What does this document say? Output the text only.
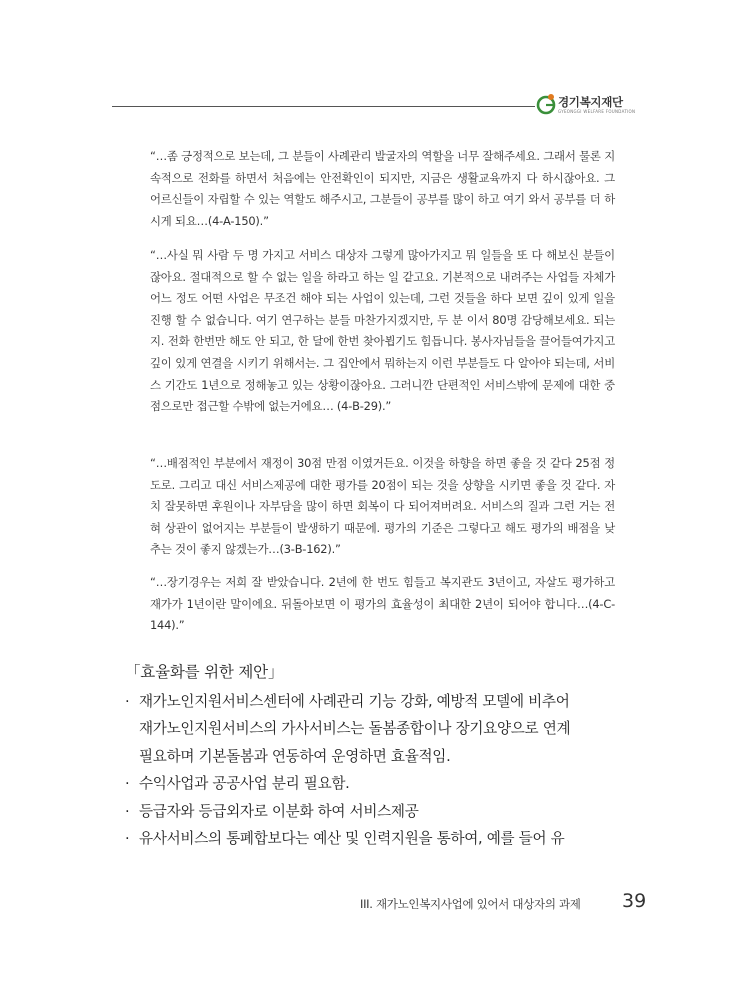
경기복지재단
GYEONGGI WELFARE FOUNDATION

“…좀 긍정적으로 보는데, 그 분들이 사례관리 발굴자의 역할을 너무 잘해주세요. 그래서 물론 지속적으로 전화를 하면서 처음에는 안전확인이 되지만, 지금은 생활교육까지 다 하시잖아요. 그 어르신들이 자립할 수 있는 역할도 해주시고, 그분들이 공부를 많이 하고 여기 와서 공부를 더 하시게 되요…(4-A-150).”

“…사실 뭐 사람 두 명 가지고 서비스 대상자 그렇게 많아가지고 뭐 일들을 또 다 해보신 분들이잖아요. 절대적으로 할 수 없는 일을 하라고 하는 일 같고요. 기본적으로 내려주는 사업들 자체가 어느 정도 어떤 사업은 무조건 해야 되는 사업이 있는데, 그런 것들을 하다 보면 깊이 있게 일을 진행 할 수 없습니다. 여기 연구하는 분들 마찬가지겠지만, 두 분 이서 80명 감당해보세요. 되는지. 전화 한번만 해도 안 되고, 한 달에 한번 찾아뵙기도 힘듭니다. 봉사자님들을 끌어들여가지고 깊이 있게 연결을 시키기 위해서는. 그 집안에서 뭐하는지 이런 부분들도 다 알아야 되는데, 서비스 기간도 1년으로 정해놓고 있는 상황이잖아요. 그러니깐 단편적인 서비스밖에 문제에 대한 중점으로만 접근할 수밖에 없는거에요… (4-B-29).”

“…배점적인 부분에서 재정이 30점 만점 이였거든요. 이것을 하향을 하면 좋을 것 같다 25점 정도로. 그리고 대신 서비스제공에 대한 평가를 20점이 되는 것을 상향을 시키면 좋을 것 같다. 자치 잘못하면 후원이나 자부담을 많이 하면 회복이 다 되어져버려요. 서비스의 질과 그런 거는 전혀 상관이 없어지는 부분들이 발생하기 때문에. 평가의 기준은 그렇다고 해도 평가의 배점을 낮추는 것이 좋지 않겠는가…(3-B-162).”

“…장기경우는 저희 잘 받았습니다. 2년에 한 번도 힘들고 복지관도 3년이고, 자살도 평가하고 재가가 1년이란 말이에요. 뒤돌아보면 이 평가의 효율성이 최대한 2년이 되어야 합니다…(4-C-144).”

「효율화를 위한 제안」
· 재가노인지원서비스센터에 사례관리 기능 강화, 예방적 모델에 비추어
재가노인지원서비스의 가사서비스는 돌봄종합이나 장기요양으로 연계
필요하며 기본돌봄과 연동하여 운영하면 효율적임.
· 수익사업과 공공사업 분리 필요함.
· 등급자와 등급외자로 이분화 하여 서비스제공
· 유사서비스의 통폐합보다는 예산 및 인력지원을 통하여, 예를 들어 유
III. 재가노인복지사업에 있어서 대상자의 과제 39
